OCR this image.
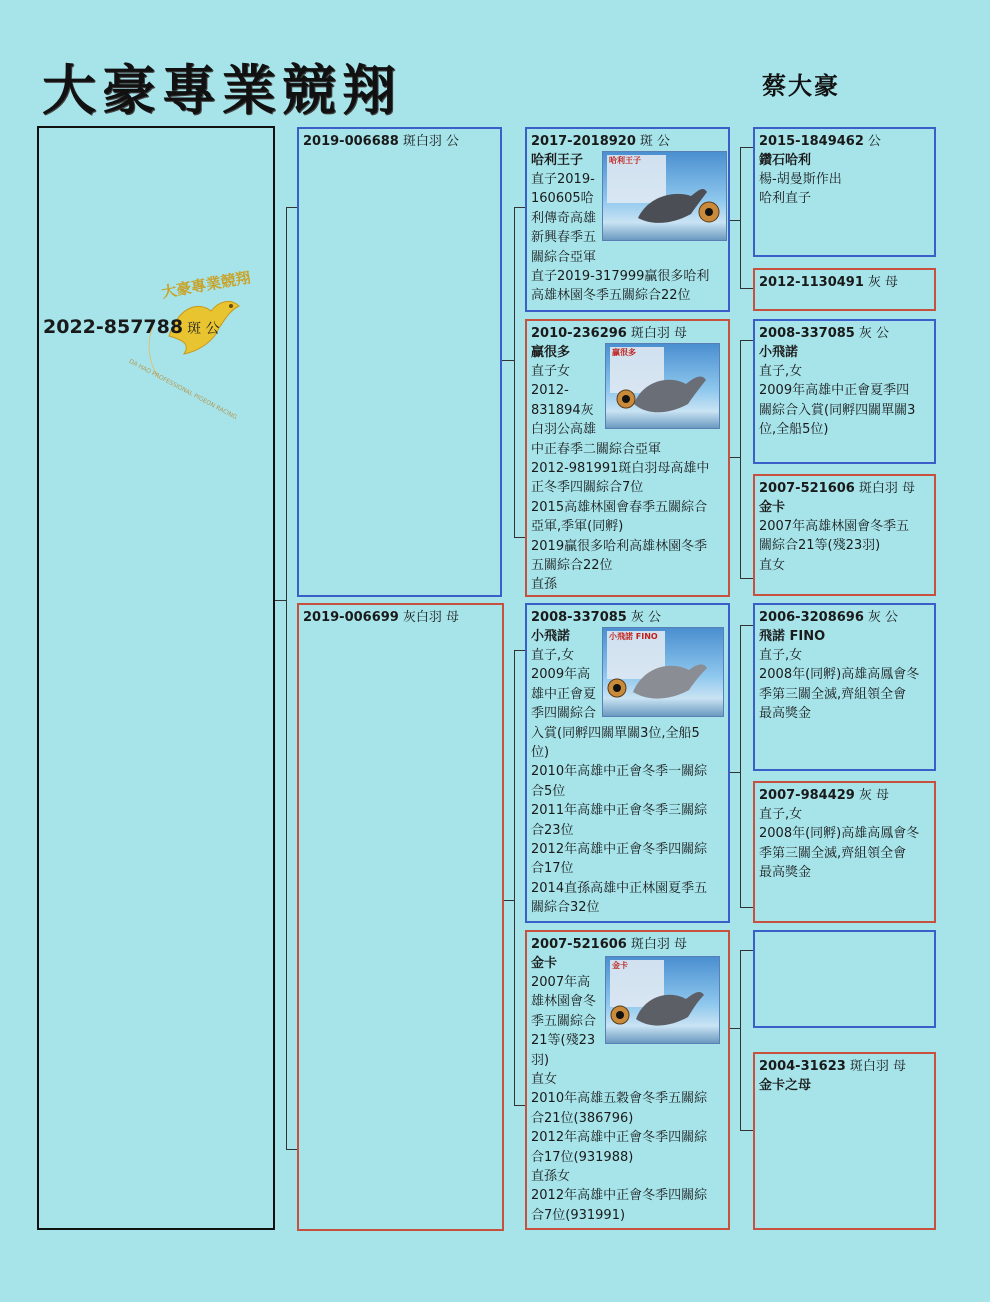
大豪專業競翔	蔡大豪
大豪專業競翔
DA HAO PROFESSIONAL PIGEON RACING
2022-857788 斑 公
2019-006688 斑白羽 公
2019-006699 灰白羽 母
2017-2018920 斑 公
哈利王子
直子2019-
160605哈
利傳奇高雄
新興春季五
關綜合亞軍
直子2019-317999贏很多哈利
高雄林園冬季五關綜合22位
哈利王子
2010-236296 斑白羽 母
贏很多
直子女
2012-
831894灰
白羽公高雄
中正春季二關綜合亞軍
2012-981991斑白羽母高雄中
正冬季四關綜合7位
2015高雄林園會春季五關綜合
亞軍,季軍(同孵)
2019贏很多哈利高雄林園冬季
五關綜合22位
直孫
贏很多
2008-337085 灰 公
小飛諾
直子,女
2009年高
雄中正會夏
季四關綜合
入賞(同孵四關單關3位,全船5
位)
2010年高雄中正會冬季一關綜
合5位
2011年高雄中正會冬季三關綜
合23位
2012年高雄中正會冬季四關綜
合17位
2014直孫高雄中正林園夏季五
關綜合32位
小飛諾 FINO
2007-521606 斑白羽 母
金卡
2007年高
雄林園會冬
季五關綜合
21等(殘23
羽)
直女
2010年高雄五穀會冬季五關綜
合21位(386796)
2012年高雄中正會冬季四關綜
合17位(931988)
直孫女
2012年高雄中正會冬季四關綜
合7位(931991)
金卡
2015-1849462 公
鑽石哈利
楊-胡曼斯作出
哈利直子
2012-1130491 灰 母
2008-337085 灰 公
小飛諾
直子,女
2009年高雄中正會夏季四
關綜合入賞(同孵四關單關3
位,全船5位)
2007-521606 斑白羽 母
金卡
2007年高雄林園會冬季五
關綜合21等(殘23羽)
直女
2006-3208696 灰 公
飛諾 FINO
直子,女
2008年(同孵)高雄高鳳會冬
季第三關全滅,齊組領全會
最高獎金
2007-984429 灰 母
直子,女
2008年(同孵)高雄高鳳會冬
季第三關全滅,齊組領全會
最高獎金
2004-31623 斑白羽 母
金卡之母
